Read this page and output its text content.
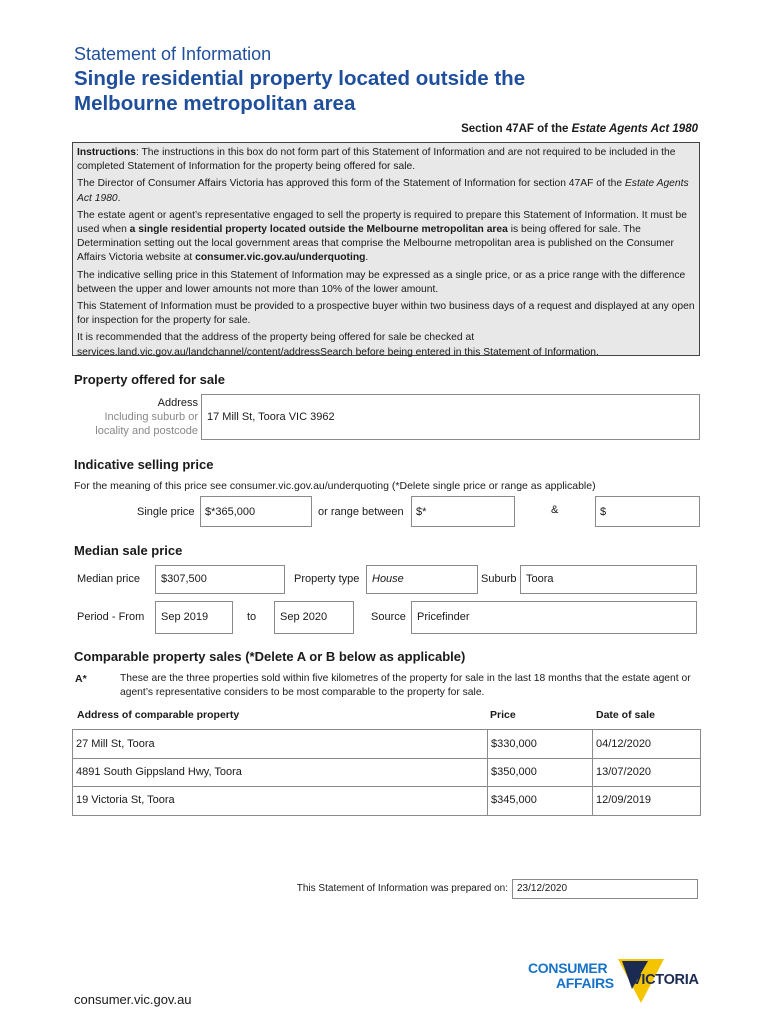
Statement of Information
Single residential property located outside the
Melbourne metropolitan area
Section 47AF of the Estate Agents Act 1980

Instructions: The instructions in this box do not form part of this Statement of Information and are not required to be included in the completed Statement of Information for the property being offered for sale.

The Director of Consumer Affairs Victoria has approved this form of the Statement of Information for section 47AF of the Estate Agents Act 1980.

The estate agent or agent’s representative engaged to sell the property is required to prepare this Statement of Information. It must be used when a single residential property located outside the Melbourne metropolitan area is being offered for sale. The Determination setting out the local government areas that comprise the Melbourne metropolitan area is published on the Consumer Affairs Victoria website at consumer.vic.gov.au/underquoting.

The indicative selling price in this Statement of Information may be expressed as a single price, or as a price range with the difference between the upper and lower amounts not more than 10% of the lower amount.

This Statement of Information must be provided to a prospective buyer within two business days of a request and displayed at any open for inspection for the property for sale.

It is recommended that the address of the property being offered for sale be checked at services.land.vic.gov.au/landchannel/content/addressSearch before being entered in this Statement of Information.

Property offered for sale
Address
Including suburb or
locality and postcode
17 Mill St, Toora VIC 3962
Indicative selling price
For the meaning of this price see consumer.vic.gov.au/underquoting (*Delete single price or range as applicable)
Single price $*365,000	or range between $*	&	$
Median sale price
Median price $307,500	Property type House	Suburb Toora
Period - From Sep 2019	to Sep 2020	Source Pricefinder
Comparable property sales (*Delete A or B below as applicable)
A*	These are the three properties sold within five kilometres of the property for sale in the last 18 months that the estate agent or agent’s representative considers to be most comparable to the property for sale.
Address of comparable property	Price	Date of sale
27 Mill St, Toora	$330,000	04/12/2020
4891 South Gippsland Hwy, Toora	$350,000	13/07/2020
19 Victoria St, Toora	$345,000	12/09/2019
This Statement of Information was prepared on: 23/12/2020
CONSUMER
AFFAIRS VICTORIA
consumer.vic.gov.au
